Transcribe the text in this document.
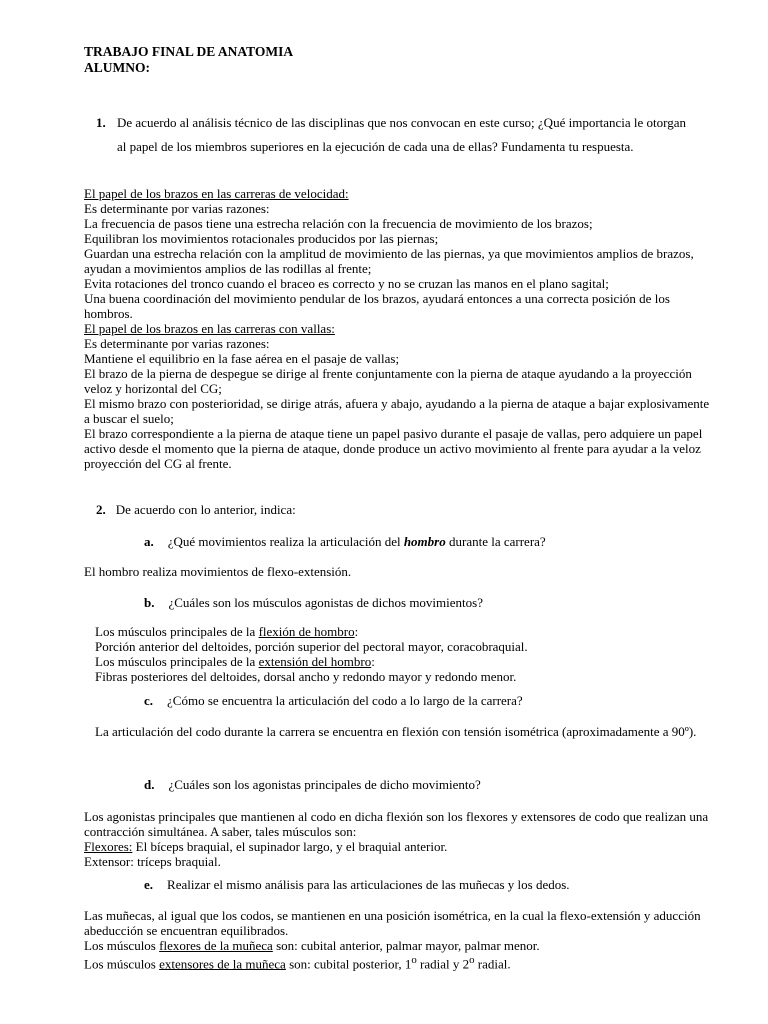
TRABAJO FINAL DE ANATOMIA
ALUMNO:
1. De acuerdo al análisis técnico de las disciplinas que nos convocan en este curso; ¿Qué importancia le otorgan al papel de los miembros superiores en la ejecución de cada una de ellas? Fundamenta tu respuesta.

El papel de los brazos en las carreras de velocidad:

Es determinante por varias razones:

La frecuencia de pasos tiene una estrecha relación con la frecuencia de movimiento de los brazos;

Equilibran los movimientos rotacionales producidos por las piernas;

Guardan una estrecha relación con la amplitud de movimiento de las piernas, ya que movimientos amplios de brazos, ayudan a movimientos amplios de las rodillas al frente;

Evita rotaciones del tronco cuando el braceo es correcto y no se cruzan las manos en el plano sagital;

Una buena coordinación del movimiento pendular de los brazos, ayudará entonces a una correcta posición de los hombros.

El papel de los brazos en las carreras con vallas:

Es determinante por varias razones:

Mantiene el equilibrio en la fase aérea en el pasaje de vallas;

El brazo de la pierna de despegue se dirige al frente conjuntamente con la pierna de ataque ayudando a la proyección veloz y horizontal del CG;

El mismo brazo con posterioridad, se dirige atrás, afuera y abajo, ayudando a la pierna de ataque a bajar explosivamente a buscar el suelo;

El brazo correspondiente a la pierna de ataque tiene un papel pasivo durante el pasaje de vallas, pero adquiere un papel activo desde el momento que la pierna de ataque, donde produce un activo movimiento al frente para ayudar a la veloz proyección del CG al frente.

2. De acuerdo con lo anterior, indica:
a. ¿Qué movimientos realiza la articulación del hombro durante la carrera?
El hombro realiza movimientos de flexo-extensión.
b. ¿Cuáles son los músculos agonistas de dichos movimientos?

Los músculos principales de la flexión de hombro:

Porción anterior del deltoides, porción superior del pectoral mayor, coracobraquial.

Los músculos principales de la extensión del hombro:

Fibras posteriores del deltoides, dorsal ancho y redondo mayor y redondo menor.

c. ¿Cómo se encuentra la articulación del codo a lo largo de la carrera?
La articulación del codo durante la carrera se encuentra en flexión con tensión isométrica (aproximadamente a 90º).
d. ¿Cuáles son los agonistas principales de dicho movimiento?

Los agonistas principales que mantienen al codo en dicha flexión son los flexores y extensores de codo que realizan una contracción simultánea. A saber, tales músculos son:

Flexores: El bíceps braquial, el supinador largo, y el braquial anterior.

Extensor: tríceps braquial.

e. Realizar el mismo análisis para las articulaciones de las muñecas y los dedos.

Las muñecas, al igual que los codos, se mantienen en una posición isométrica, en la cual la flexo-extensión y aducción abeducción se encuentran equilibrados.

Los músculos flexores de la muñeca son: cubital anterior, palmar mayor, palmar menor.

Los músculos extensores de la muñeca son: cubital posterior, 1$^o$ radial y 2$^o$ radial.
